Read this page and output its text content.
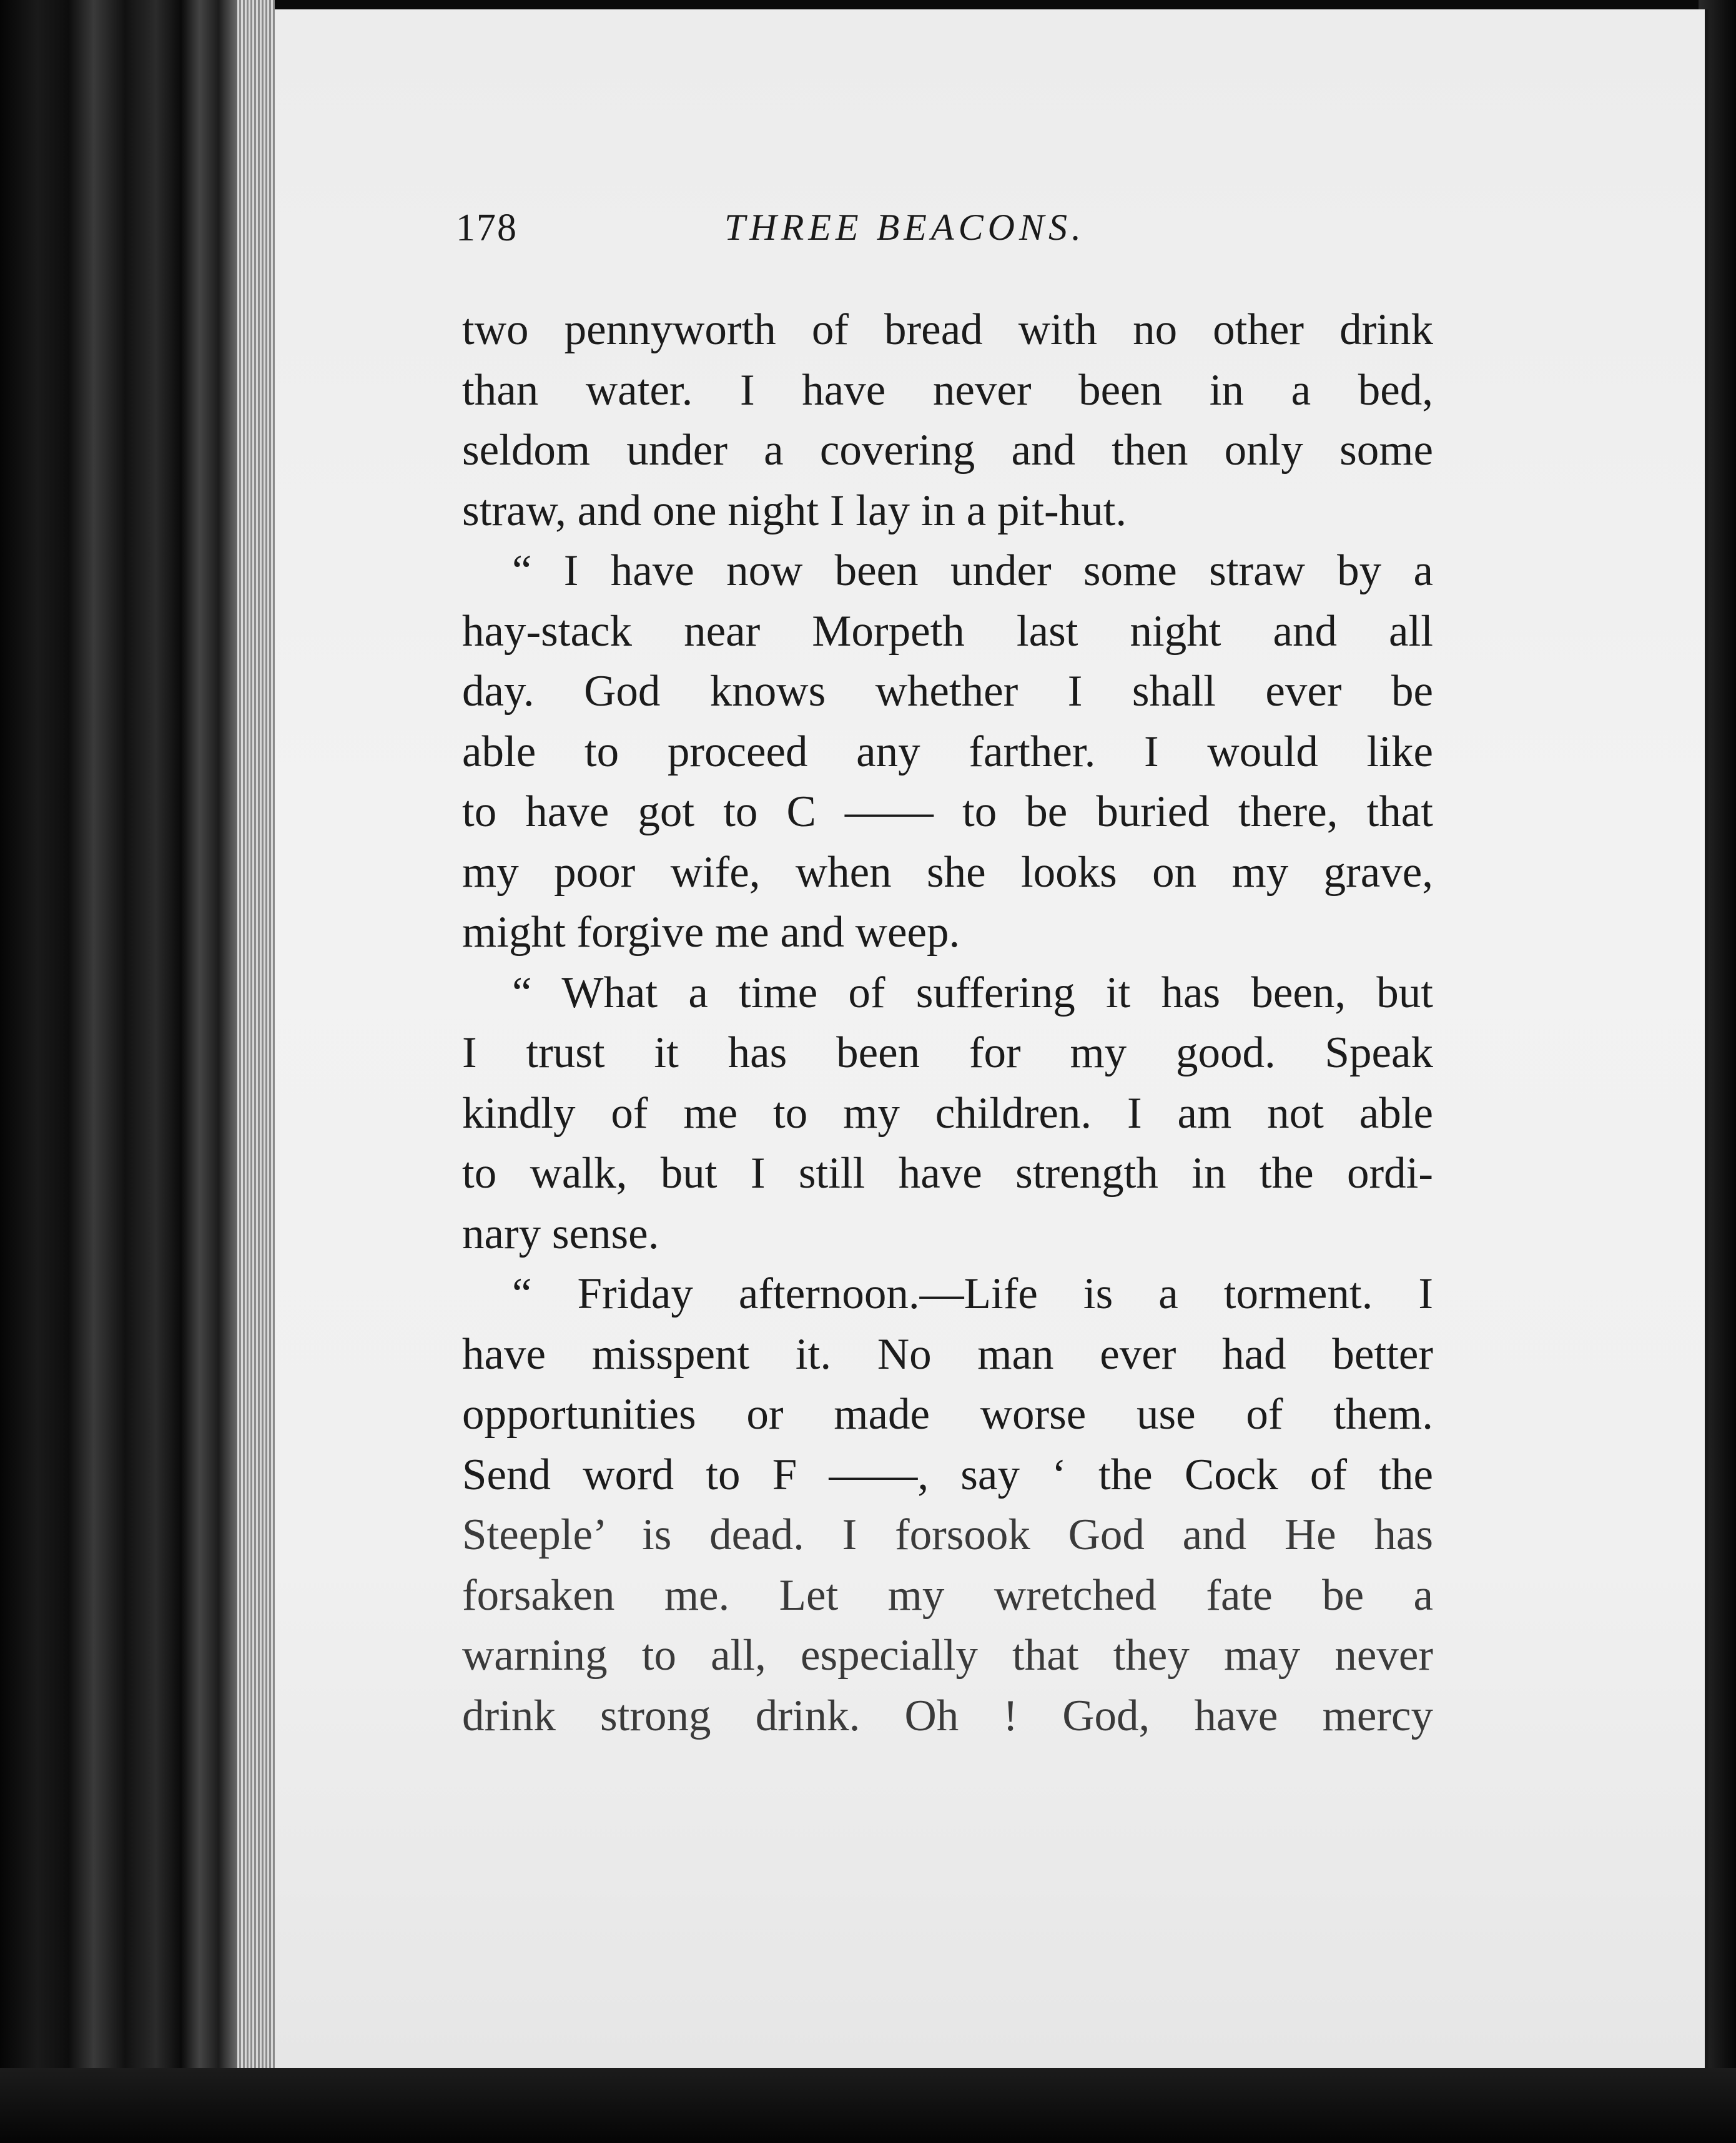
178	THREE BEACONS.
two pennyworth of bread with no other drink
than water. I have never been in a bed,
seldom under a covering and then only some
straw, and one night I lay in a pit-hut.
“ I have now been under some straw by a
hay-stack near Morpeth last night and all
day. God knows whether I shall ever be
able to proceed any farther. I would like
to have got to C —— to be buried there, that
my poor wife, when she looks on my grave,
might forgive me and weep.
“ What a time of suffering it has been, but
I trust it has been for my good. Speak
kindly of me to my children. I am not able
to walk, but I still have strength in the ordi-
nary sense.
“ Friday afternoon.—Life is a torment. I
have misspent it. No man ever had better
opportunities or made worse use of them.
Send word to F ——, say ‘ the Cock of the
Steeple’ is dead. I forsook God and He has
forsaken me. Let my wretched fate be a
warning to all, especially that they may never
drink strong drink. Oh ! God, have mercy
